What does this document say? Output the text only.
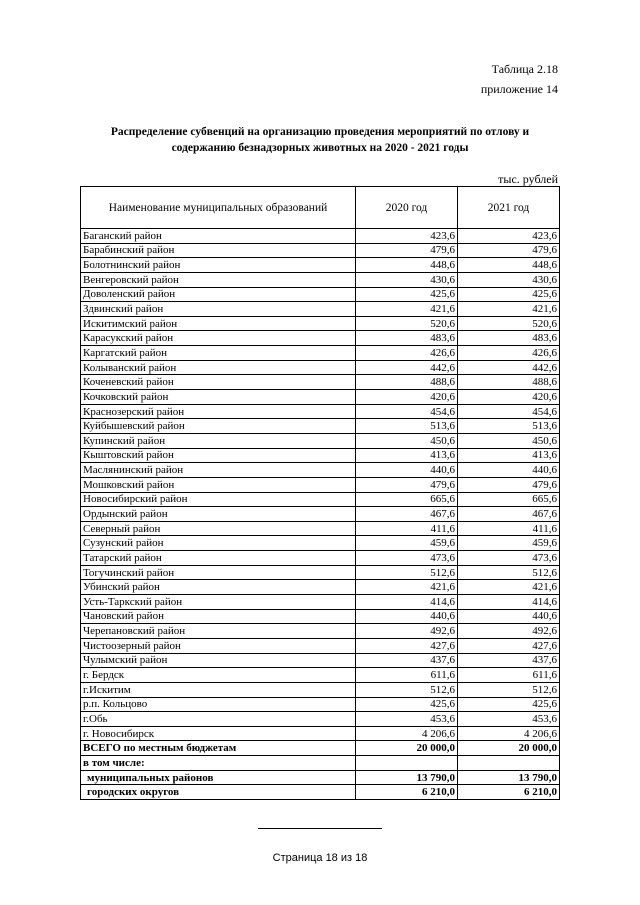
Таблица 2.18
приложение 14
Распределение субвенций на организацию проведения мероприятий по отлову и содержанию безнадзорных животных на 2020 - 2021 годы
тыс. рублей
Наименование муниципальных образований	2020 год	2021 год
Баганский район	423,6	423,6
Барабинский район	479,6	479,6
Болотнинский район	448,6	448,6
Венгеровский район	430,6	430,6
Доволенский район	425,6	425,6
Здвинский район	421,6	421,6
Искитимский район	520,6	520,6
Карасукский район	483,6	483,6
Каргатский район	426,6	426,6
Колыванский район	442,6	442,6
Коченевский район	488,6	488,6
Кочковский район	420,6	420,6
Краснозерский район	454,6	454,6
Куйбышевский район	513,6	513,6
Купинский район	450,6	450,6
Кыштовский район	413,6	413,6
Маслянинский район	440,6	440,6
Мошковский район	479,6	479,6
Новосибирский район	665,6	665,6
Ордынский район	467,6	467,6
Северный район	411,6	411,6
Сузунский район	459,6	459,6
Татарский район	473,6	473,6
Тогучинский район	512,6	512,6
Убинский район	421,6	421,6
Усть-Таркский район	414,6	414,6
Чановский район	440,6	440,6
Черепановский район	492,6	492,6
Чистоозерный район	427,6	427,6
Чулымский район	437,6	437,6
г. Бердск	611,6	611,6
г.Искитим	512,6	512,6
р.п. Кольцово	425,6	425,6
г.Обь	453,6	453,6
г. Новосибирск	4 206,6	4 206,6
ВСЕГО по местным бюджетам	20 000,0	20 000,0
в том числе:		
муниципальных районов	13 790,0	13 790,0
городских округов	6 210,0	6 210,0
Страница 18 из 18
